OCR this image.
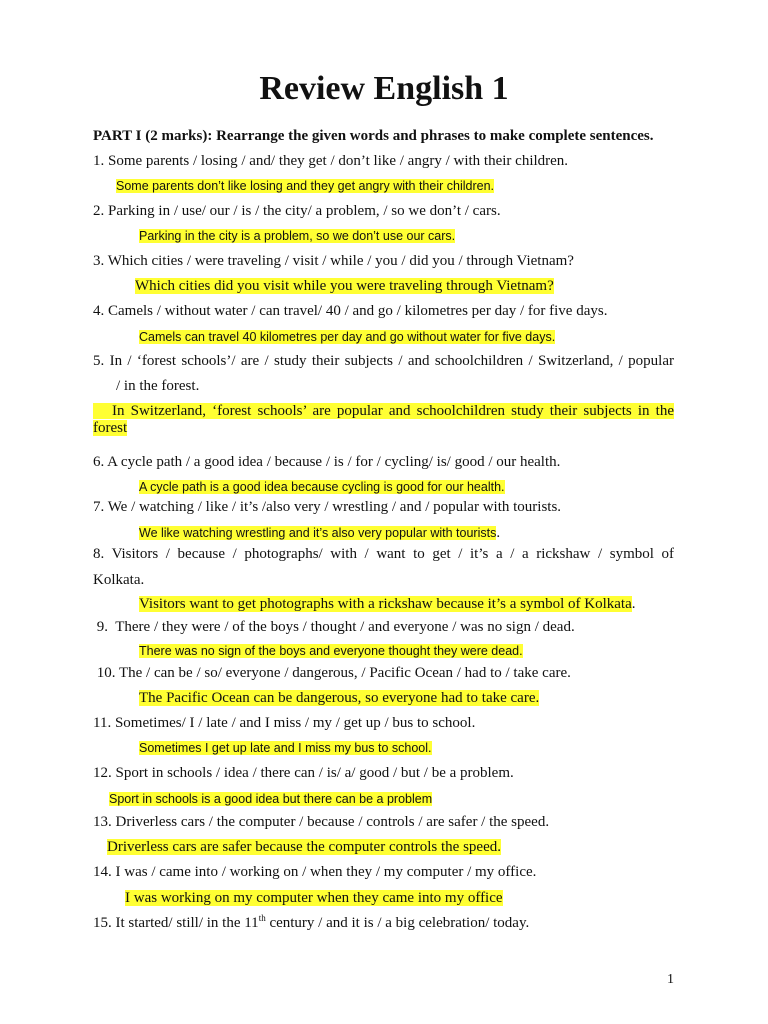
Review English 1
PART I (2 marks): Rearrange the given words and phrases to make complete sentences.
1. Some parents / losing / and/ they get / don’t like / angry / with their children.
Some parents don’t like losing and they get angry with their children.
2. Parking in / use/ our / is / the city/ a problem, / so we don’t / cars.
Parking in the city is a problem, so we don’t use our cars.
3. Which cities / were traveling / visit / while / you / did you / through Vietnam?
Which cities did you visit while you were traveling through Vietnam?
4. Camels / without water / can travel/ 40 / and go / kilometres per day / for five days.
Camels can travel 40 kilometres per day and go without water for five days.
5. In / ‘forest schools’/ are / study their subjects / and schoolchildren / Switzerland, / popular
/ in the forest.
In Switzerland, ‘forest schools’ are popular and schoolchildren study their subjects in the
forest
6. A cycle path / a good idea / because / is / for / cycling/ is/ good / our health.
A cycle path is a good idea because cycling is good for our health.
7. We / watching / like / it’s /also very / wrestling / and / popular with tourists.
We like watching wrestling and it’s also very popular with tourists.
8. Visitors / because / photographs/ with / want to get / it’s a / a rickshaw / symbol of
Kolkata.
Visitors want to get photographs with a rickshaw because it’s a symbol of Kolkata.
9.  There / they were / of the boys / thought / and everyone / was no sign / dead.
There was no sign of the boys and everyone thought they were dead.
10. The / can be / so/ everyone / dangerous, / Pacific Ocean / had to / take care.
The Pacific Ocean can be dangerous, so everyone had to take care.
11. Sometimes/ I / late / and I miss / my / get up / bus to school.
Sometimes I get up late and I miss my bus to school.
12. Sport in schools / idea / there can / is/ a/ good / but / be a problem.
Sport in schools is a good idea but there can be a problem
13. Driverless cars / the computer / because / controls / are safer / the speed.
Driverless cars are safer because the computer controls the speed.
14. I was / came into / working on / when they / my computer / my office.
I was working on my computer when they came into my office
15. It started/ still/ in the 11th century / and it is / a big celebration/ today.
1
